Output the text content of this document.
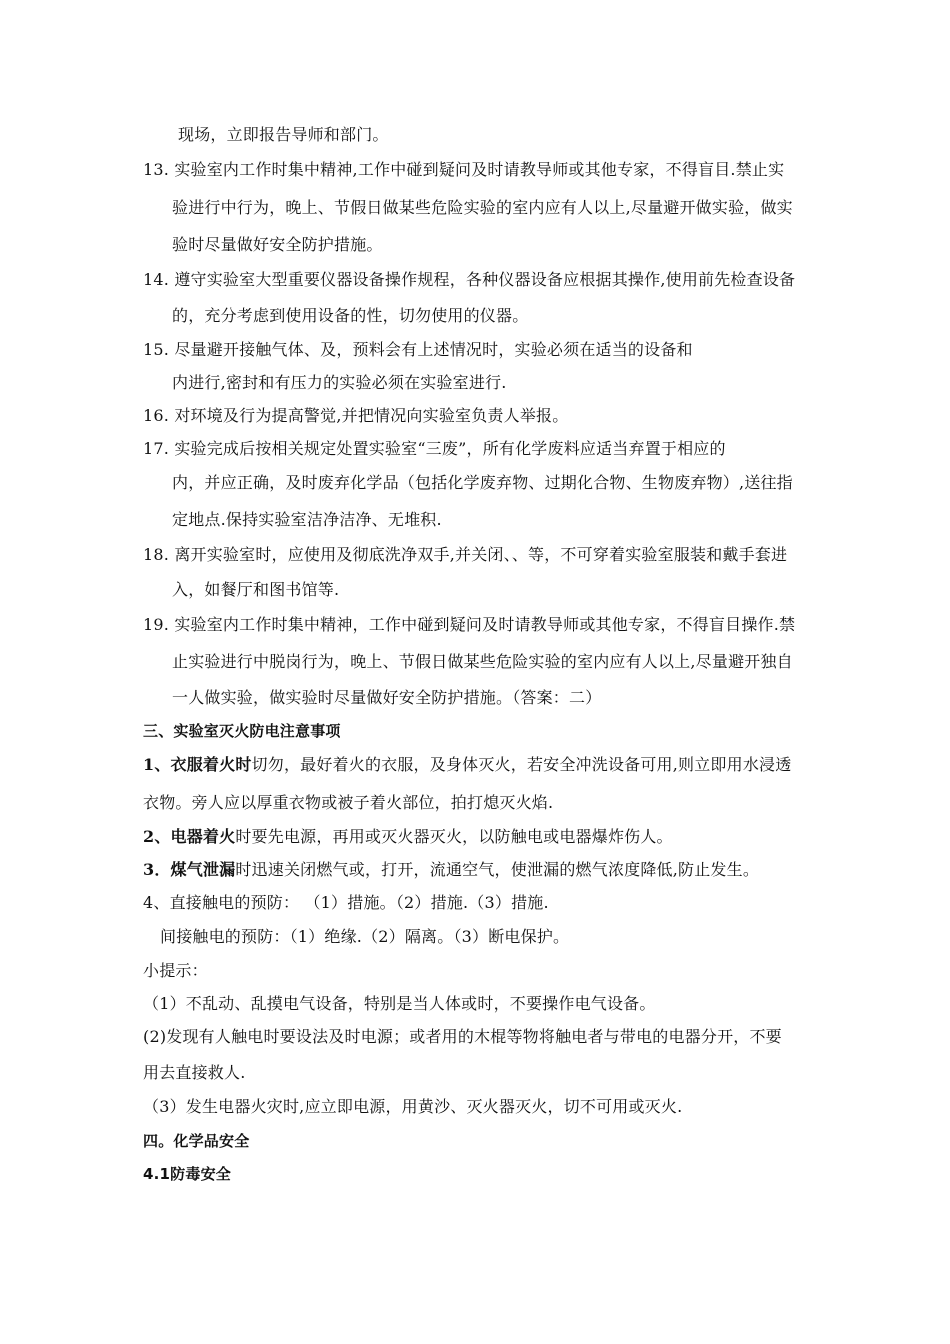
现场，立即报告导师和部门。
13. 实验室内工作时集中精神,工作中碰到疑问及时请教导师或其他专家，不得盲目.禁止实
验进行中行为，晚上、节假日做某些危险实验的室内应有人以上,尽量避开做实验，做实
验时尽量做好安全防护措施。
14. 遵守实验室大型重要仪器设备操作规程，各种仪器设备应根据其操作,使用前先检查设备
的，充分考虑到使用设备的性，切勿使用的仪器。
15. 尽量避开接触气体、及，预料会有上述情况时，实验必须在适当的设备和
内进行,密封和有压力的实验必须在实验室进行.
16. 对环境及行为提高警觉,并把情况向实验室负责人举报。
17. 实验完成后按相关规定处置实验室“三废”，所有化学废料应适当弃置于相应的
内，并应正确，及时废弃化学品（包括化学废弃物、过期化合物、生物废弃物）,送往指
定地点.保持实验室洁净洁净、无堆积.
18. 离开实验室时，应使用及彻底洗净双手,并关闭、、等，不可穿着实验室服装和戴手套进
入，如餐厅和图书馆等.
19. 实验室内工作时集中精神，工作中碰到疑问及时请教导师或其他专家，不得盲目操作.禁
止实验进行中脱岗行为，晚上、节假日做某些危险实验的室内应有人以上,尽量避开独自
一人做实验，做实验时尽量做好安全防护措施。（答案：二）
三、实验室灭火防电注意事项
1、衣服着火时切勿，最好着火的衣服，及身体灭火，若安全冲洗设备可用,则立即用水浸透
衣物。旁人应以厚重衣物或被子着火部位，拍打熄灭火焰.
2、电器着火时要先电源，再用或灭火器灭火，以防触电或电器爆炸伤人。
3．煤气泄漏时迅速关闭燃气或，打开，流通空气，使泄漏的燃气浓度降低,防止发生。
4、直接触电的预防： （1）措施。（2）措施.（3）措施.
间接触电的预防：（1）绝缘.（2）隔离。（3）断电保护。
小提示：
（1）不乱动、乱摸电气设备，特别是当人体或时，不要操作电气设备。
(2)发现有人触电时要设法及时电源；或者用的木棍等物将触电者与带电的电器分开，不要
用去直接救人.
（3）发生电器火灾时,应立即电源，用黄沙、灭火器灭火，切不可用或灭火.
四。化学品安全
4.1防毒安全
